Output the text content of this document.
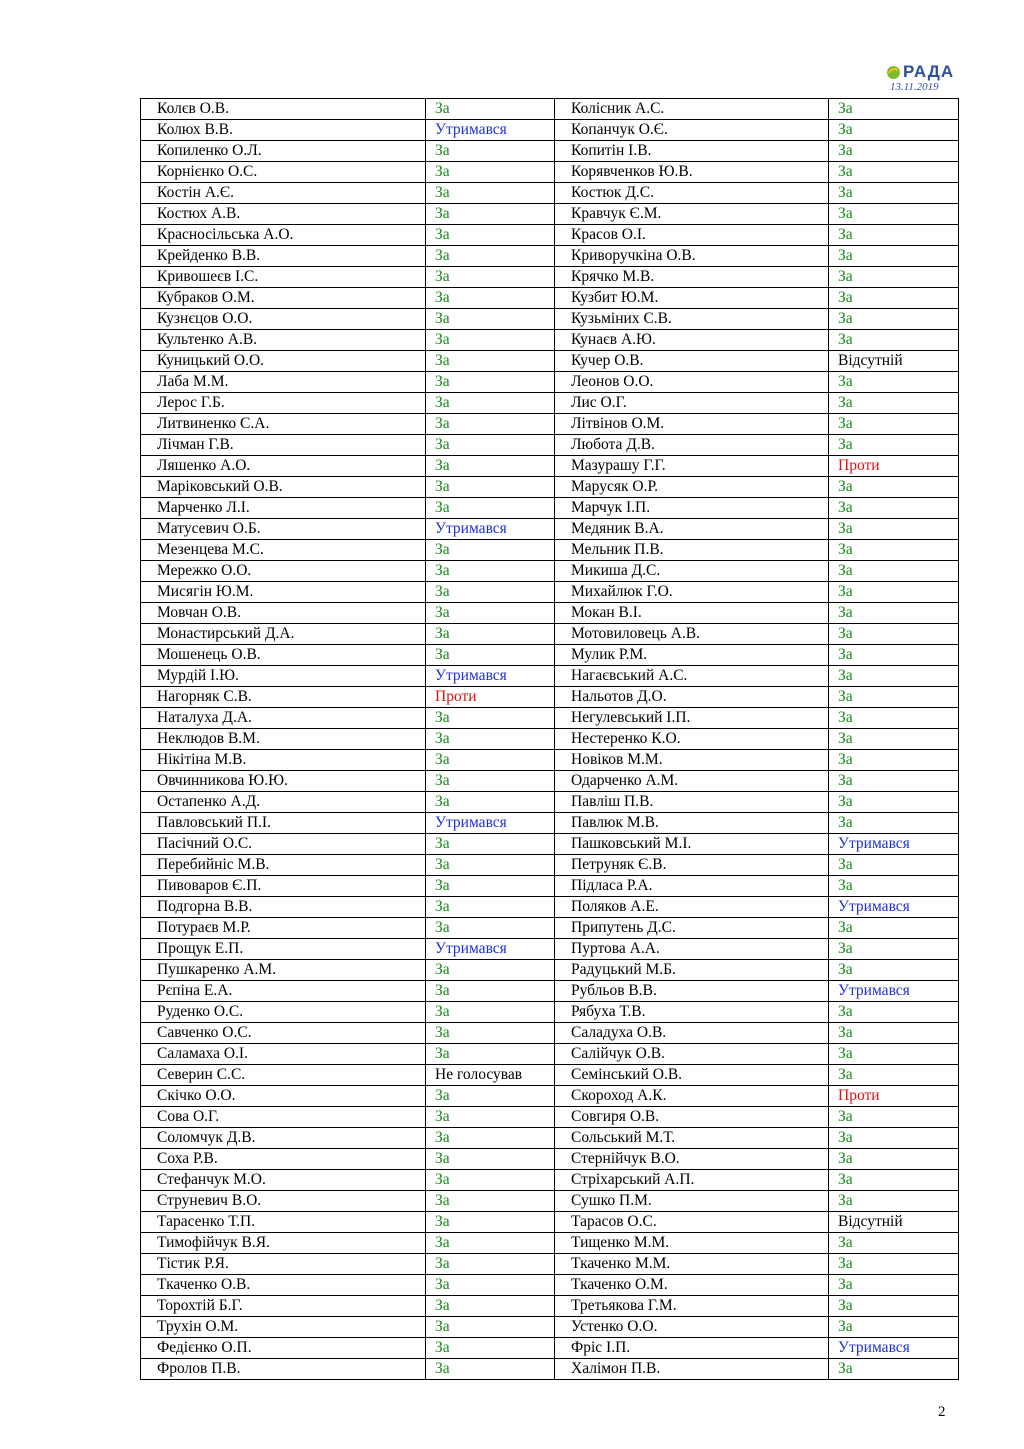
РАДА
13.11.2019
Колєв О.В.	За	Колісник А.С.	За
Колюх В.В.	Утримався	Копанчук О.Є.	За
Копиленко О.Л.	За	Копитін І.В.	За
Корнієнко О.С.	За	Корявченков Ю.В.	За
Костін А.Є.	За	Костюк Д.С.	За
Костюх А.В.	За	Кравчук Є.М.	За
Красносільська А.О.	За	Красов О.І.	За
Крейденко В.В.	За	Криворучкіна О.В.	За
Кривошеєв І.С.	За	Крячко М.В.	За
Кубраков О.М.	За	Кузбит Ю.М.	За
Кузнєцов О.О.	За	Кузьміних С.В.	За
Культенко А.В.	За	Кунаєв А.Ю.	За
Куницький О.О.	За	Кучер О.В.	Відсутній
Лаба М.М.	За	Леонов О.О.	За
Лерос Г.Б.	За	Лис О.Г.	За
Литвиненко С.А.	За	Літвінов О.М.	За
Лічман Г.В.	За	Любота Д.В.	За
Ляшенко А.О.	За	Мазурашу Г.Г.	Проти
Маріковський О.В.	За	Марусяк О.Р.	За
Марченко Л.І.	За	Марчук І.П.	За
Матусевич О.Б.	Утримався	Медяник В.А.	За
Мезенцева М.С.	За	Мельник П.В.	За
Мережко О.О.	За	Микиша Д.С.	За
Мисягін Ю.М.	За	Михайлюк Г.О.	За
Мовчан О.В.	За	Мокан В.І.	За
Монастирський Д.А.	За	Мотовиловець А.В.	За
Мошенець О.В.	За	Мулик Р.М.	За
Мурдій І.Ю.	Утримався	Нагаєвський А.С.	За
Нагорняк С.В.	Проти	Нальотов Д.О.	За
Наталуха Д.А.	За	Негулевський І.П.	За
Неклюдов В.М.	За	Нестеренко К.О.	За
Нікітіна М.В.	За	Новіков М.М.	За
Овчинникова Ю.Ю.	За	Одарченко А.М.	За
Остапенко А.Д.	За	Павліш П.В.	За
Павловський П.І.	Утримався	Павлюк М.В.	За
Пасічний О.С.	За	Пашковський М.І.	Утримався
Перебийніс М.В.	За	Петруняк Є.В.	За
Пивоваров Є.П.	За	Підласа Р.А.	За
Подгорна В.В.	За	Поляков А.Е.	Утримався
Потураєв М.Р.	За	Припутень Д.С.	За
Прощук Е.П.	Утримався	Пуртова А.А.	За
Пушкаренко А.М.	За	Радуцький М.Б.	За
Рєпіна Е.А.	За	Рубльов В.В.	Утримався
Руденко О.С.	За	Рябуха Т.В.	За
Савченко О.С.	За	Саладуха О.В.	За
Саламаха О.І.	За	Салійчук О.В.	За
Северин С.С.	Не голосував	Семінський О.В.	За
Скічко О.О.	За	Скороход А.К.	Проти
Сова О.Г.	За	Совгиря О.В.	За
Соломчук Д.В.	За	Сольський М.Т.	За
Соха Р.В.	За	Стернійчук В.О.	За
Стефанчук М.О.	За	Стріхарський А.П.	За
Струневич В.О.	За	Сушко П.М.	За
Тарасенко Т.П.	За	Тарасов О.С.	Відсутній
Тимофійчук В.Я.	За	Тищенко М.М.	За
Тістик Р.Я.	За	Ткаченко М.М.	За
Ткаченко О.В.	За	Ткаченко О.М.	За
Торохтій Б.Г.	За	Третьякова Г.М.	За
Трухін О.М.	За	Устенко О.О.	За
Федієнко О.П.	За	Фріс І.П.	Утримався
Фролов П.В.	За	Халімон П.В.	За
2
